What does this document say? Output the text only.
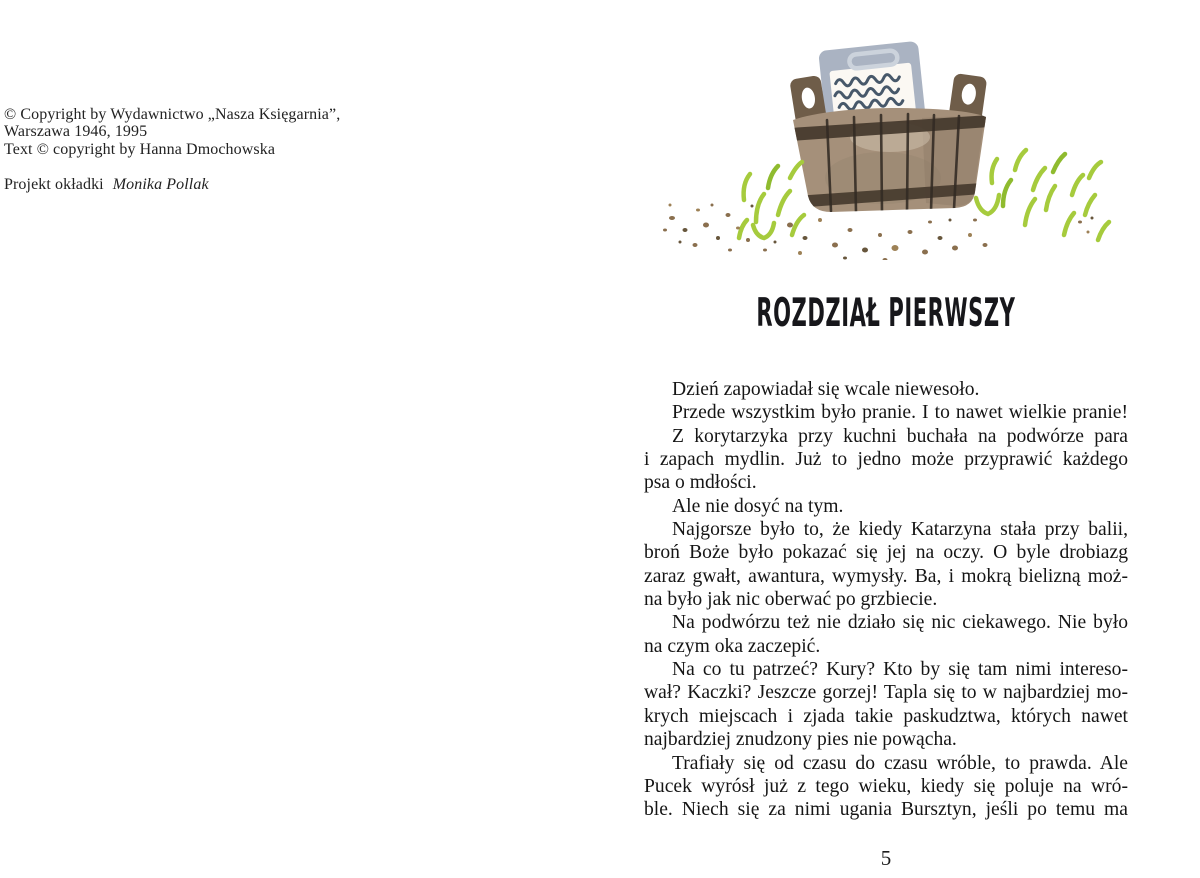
© Copyright by Wydawnictwo „Nasza Księgarnia”,
Warszawa 1946, 1995
Text © copyright by Hanna Dmochowska
Projekt okładki Monika Pollak
ROZDZIAŁ PIERWSZY
Dzień zapowiadał się wcale niewesoło.
Przede wszystkim było pranie. I to nawet wielkie pranie!
Z korytarzyka przy kuchni buchała na podwórze para
i zapach mydlin. Już to jedno może przyprawić każdego
psa o mdłości.
Ale nie dosyć na tym.
Najgorsze było to, że kiedy Katarzyna stała przy balii,
broń Boże było pokazać się jej na oczy. O byle drobiazg
zaraz gwałt, awantura, wymysły. Ba, i mokrą bielizną moż-
na było jak nic oberwać po grzbiecie.
Na podwórzu też nie działo się nic ciekawego. Nie było
na czym oka zaczepić.
Na co tu patrzeć? Kury? Kto by się tam nimi intereso-
wał? Kaczki? Jeszcze gorzej! Tapla się to w najbardziej mo-
krych miejscach i zjada takie paskudztwa, których nawet
najbardziej znudzony pies nie powącha.
Trafiały się od czasu do czasu wróble, to prawda. Ale
Pucek wyrósł już z tego wieku, kiedy się poluje na wró-
ble. Niech się za nimi ugania Bursztyn, jeśli po temu ma
5
